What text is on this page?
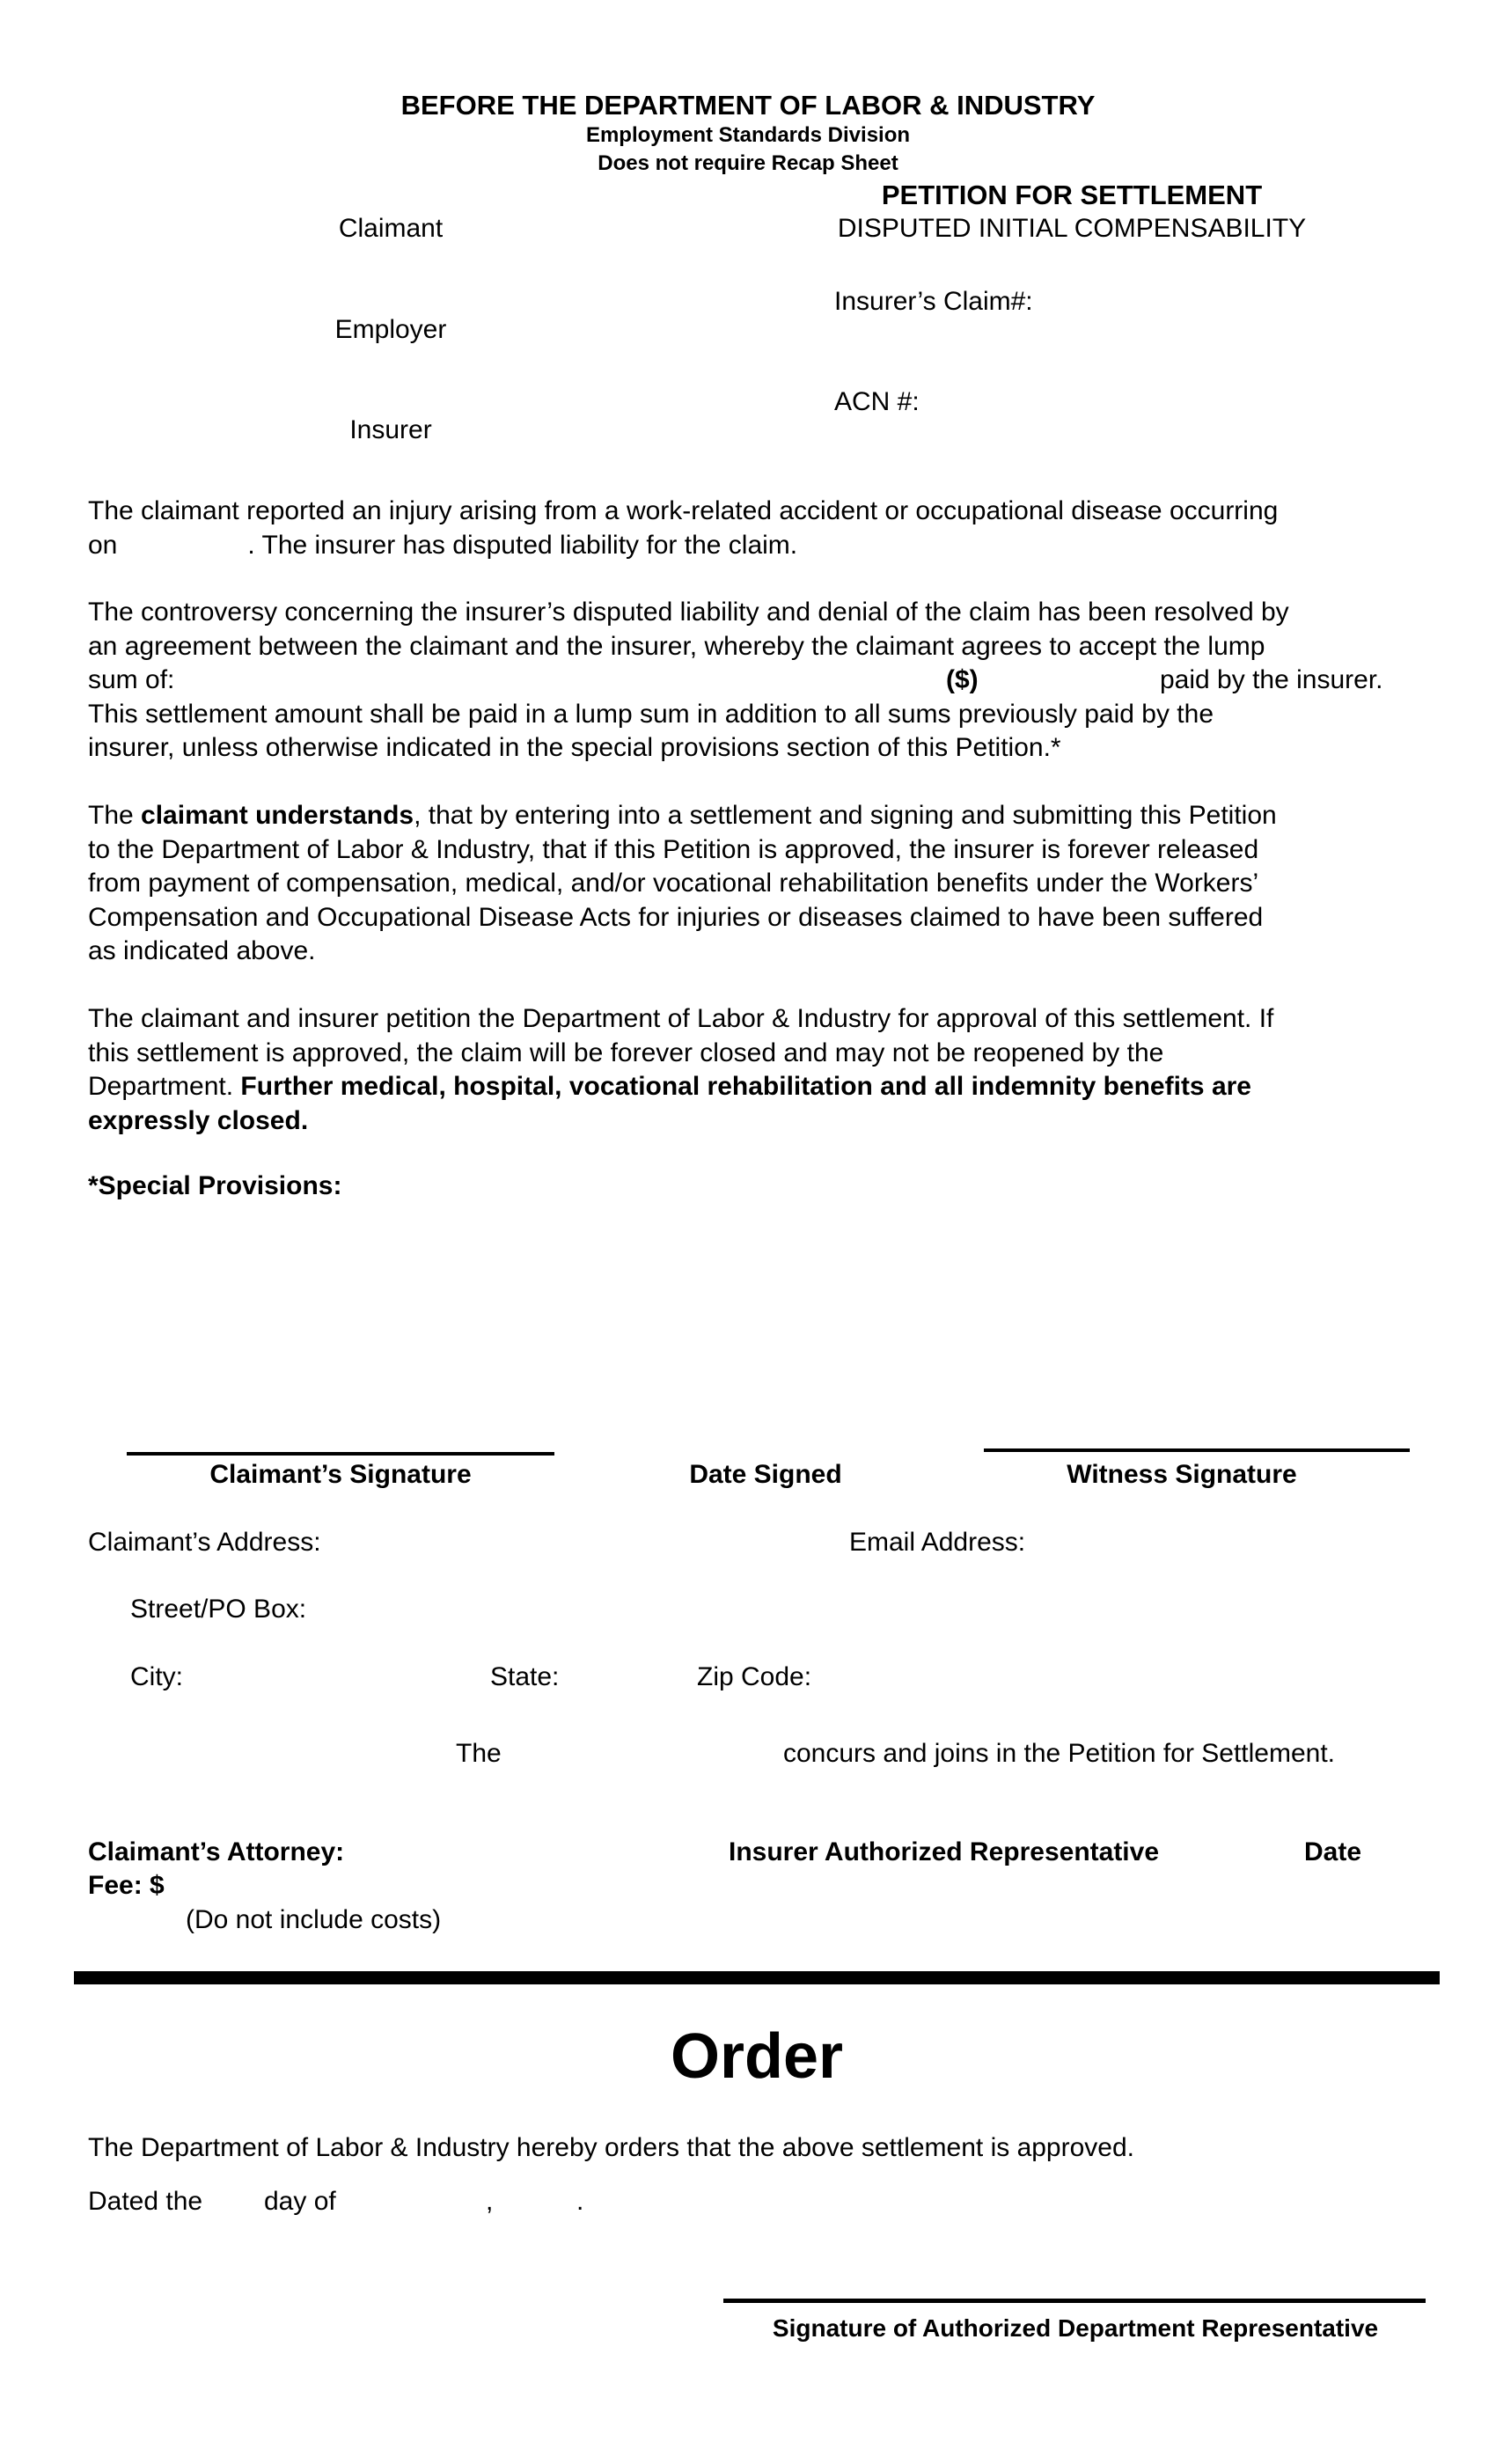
BEFORE THE DEPARTMENT OF LABOR & INDUSTRY
Employment Standards Division
Does not require Recap Sheet
PETITION FOR SETTLEMENT
DISPUTED INITIAL COMPENSABILITY
Claimant
Insurer’s Claim#:
Employer
ACN #:
Insurer
The claimant reported an injury arising from a work-related accident or occupational disease occurring
on	. The insurer has disputed liability for the claim.
The controversy concerning the insurer’s disputed liability and denial of the claim has been resolved by
an agreement between the claimant and the insurer, whereby the claimant agrees to accept the lump
sum of:	($)	paid by the insurer.
This settlement amount shall be paid in a lump sum in addition to all sums previously paid by the
insurer, unless otherwise indicated in the special provisions section of this Petition.*
The claimant understands, that by entering into a settlement and signing and submitting this Petition
to the Department of Labor & Industry, that if this Petition is approved, the insurer is forever released
from payment of compensation, medical, and/or vocational rehabilitation benefits under the Workers’
Compensation and Occupational Disease Acts for injuries or diseases claimed to have been suffered
as indicated above.
The claimant and insurer petition the Department of Labor & Industry for approval of this settlement. If
this settlement is approved, the claim will be forever closed and may not be reopened by the
Department. Further medical, hospital, vocational rehabilitation and all indemnity benefits are
expressly closed.
*Special Provisions:
Claimant’s Signature	Date Signed	Witness Signature
Claimant’s Address:	Email Address:
Street/PO Box:
City:	State:	Zip Code:
The	concurs and joins in the Petition for Settlement.
Claimant’s Attorney:	Insurer Authorized Representative	Date
Fee: $
(Do not include costs)
Order
The Department of Labor & Industry hereby orders that the above settlement is approved.
Dated the day of	,	.
Signature of Authorized Department Representative
